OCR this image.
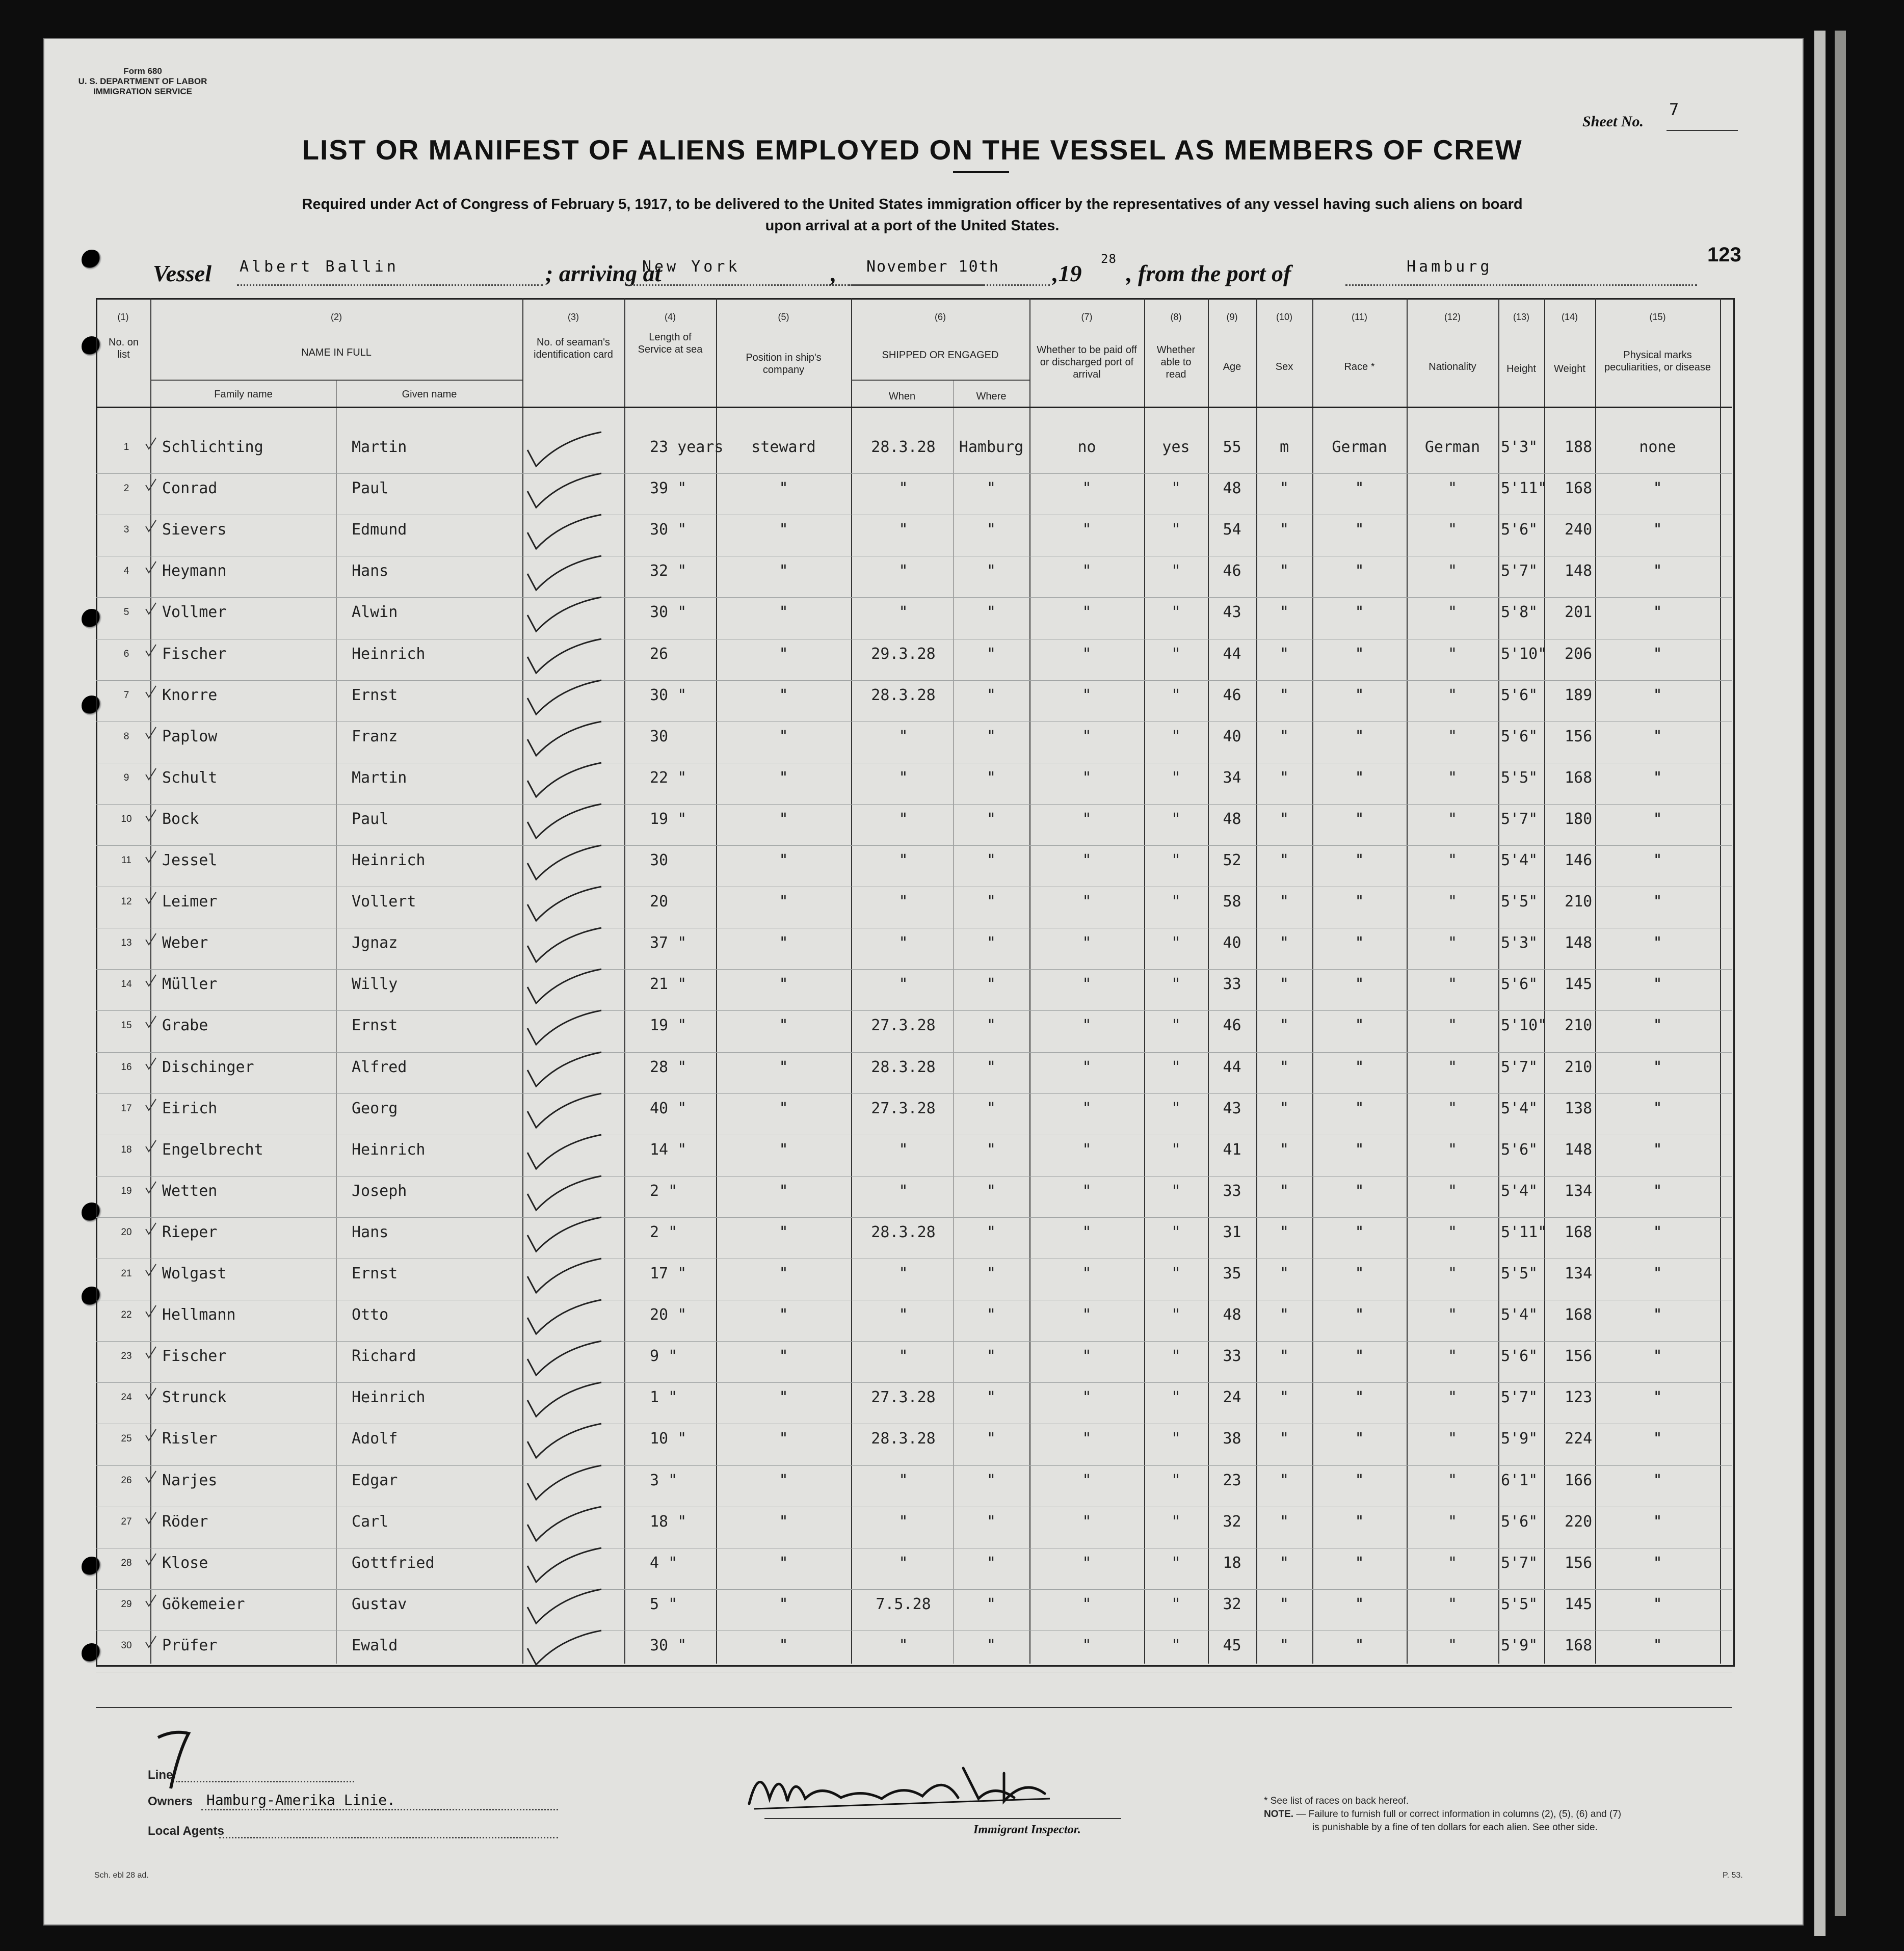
Form 680
U. S. DEPARTMENT OF LABOR
IMMIGRATION SERVICE
Sheet No.
7
LIST OR MANIFEST OF ALIENS EMPLOYED ON THE VESSEL AS MEMBERS OF CREW
Required under Act of Congress of February 5, 1917, to be delivered to the United States immigration officer by the representatives of any vessel having such aliens on board
upon arrival at a port of the United States.
123
Vessel Albert Ballin	; arriving at
New York	, November 10th , 19
28
, from the port of	Hamburg
(1)	(2)	(3)	(4)	(5)	(6)	(7)	(8)	(9)	(10)	(11)	(12)	(13)	(14)	(15)
No. on list	NAME IN FULL
Family name	Given name
No. of seaman's identification card
Length of Service at sea
Position in ship's company
SHIPPED OR ENGAGED
When	Where
Whether to be paid off or discharged port of arrival
Whether able to read
Age	Sex	Race *	Nationality	Height	Weight
Physical marks peculiarities, or disease
1	Schlichting	Martin	23 years	steward	28.3.28	Hamburg	no	yes	55	m	German	German	5'3" 188	none
2	Conrad	Paul	39 "	"	"	"	"	"	48	"	"	"	5'11" 168	"
3	Sievers	Edmund	30 "	"	"	"	"	"	54	"	"	"	5'6" 240	"
4	Heymann	Hans	32 "	"	"	"	"	"	46	"	"	"	5'7" 148	"
5	Vollmer	Alwin	30 "	"	"	"	"	"	43	"	"	"	5'8" 201	"
6	Fischer	Heinrich	26	"	29.3.28	"	"	"	44	"	"	"	5'10" 206	"
7	Knorre	Ernst	30 "	"	28.3.28	"	"	"	46	"	"	"	5'6" 189	"
8	Paplow	Franz	30	"	"	"	"	"	40	"	"	"	5'6" 156	"
9	Schult	Martin	22 "	"	"	"	"	"	34	"	"	"	5'5" 168	"
10	Bock	Paul	19 "	"	"	"	"	"	48	"	"	"	5'7" 180	"
11	Jessel	Heinrich	30	"	"	"	"	"	52	"	"	"	5'4" 146	"
12	Leimer	Vollert	20	"	"	"	"	"	58	"	"	"	5'5" 210	"
13	Weber	Jgnaz	37 "	"	"	"	"	"	40	"	"	"	5'3" 148	"
14	Müller	Willy	21 "	"	"	"	"	"	33	"	"	"	5'6" 145	"
15	Grabe	Ernst	19 "	"	27.3.28	"	"	"	46	"	"	"	5'10" 210	"
16	Dischinger	Alfred	28 "	"	28.3.28	"	"	"	44	"	"	"	5'7" 210	"
17	Eirich	Georg	40 "	"	27.3.28	"	"	"	43	"	"	"	5'4" 138	"
18	Engelbrecht	Heinrich	14 "	"	"	"	"	"	41	"	"	"	5'6" 148	"
19	Wetten	Joseph	2 "	"	"	"	"	"	33	"	"	"	5'4" 134	"
20	Rieper	Hans	2 "	"	28.3.28	"	"	"	31	"	"	"	5'11" 168	"
21	Wolgast	Ernst	17 "	"	"	"	"	"	35	"	"	"	5'5" 134	"
22	Hellmann	Otto	20 "	"	"	"	"	"	48	"	"	"	5'4" 168	"
23	Fischer	Richard	9 "	"	"	"	"	"	33	"	"	"	5'6" 156	"
24	Strunck	Heinrich	1 "	"	27.3.28	"	"	"	24	"	"	"	5'7" 123	"
25	Risler	Adolf	10 "	"	28.3.28	"	"	"	38	"	"	"	5'9" 224	"
26	Narjes	Edgar	3 "	"	"	"	"	"	23	"	"	"	6'1" 166	"
27	Röder	Carl	18 "	"	"	"	"	"	32	"	"	"	5'6" 220	"
28	Klose	Gottfried	4 "	"	"	"	"	"	18	"	"	"	5'7" 156	"
29	Gökemeier	Gustav	5 "	"	7.5.28	"	"	"	32	"	"	"	5'5" 145	"
30	Prüfer	Ewald	30 "	"	"	"	"	"	45	"	"	"	5'9" 168	"
Line
Owners Hamburg-Amerika Linie.
Local Agents	Immigrant Inspector.
* See list of races on back hereof.
NOTE. — Failure to furnish full or correct information in columns (2), (5), (6) and (7)
is punishable by a fine of ten dollars for each alien. See other side.
Sch. ebl 28 ad.	P. 53.
